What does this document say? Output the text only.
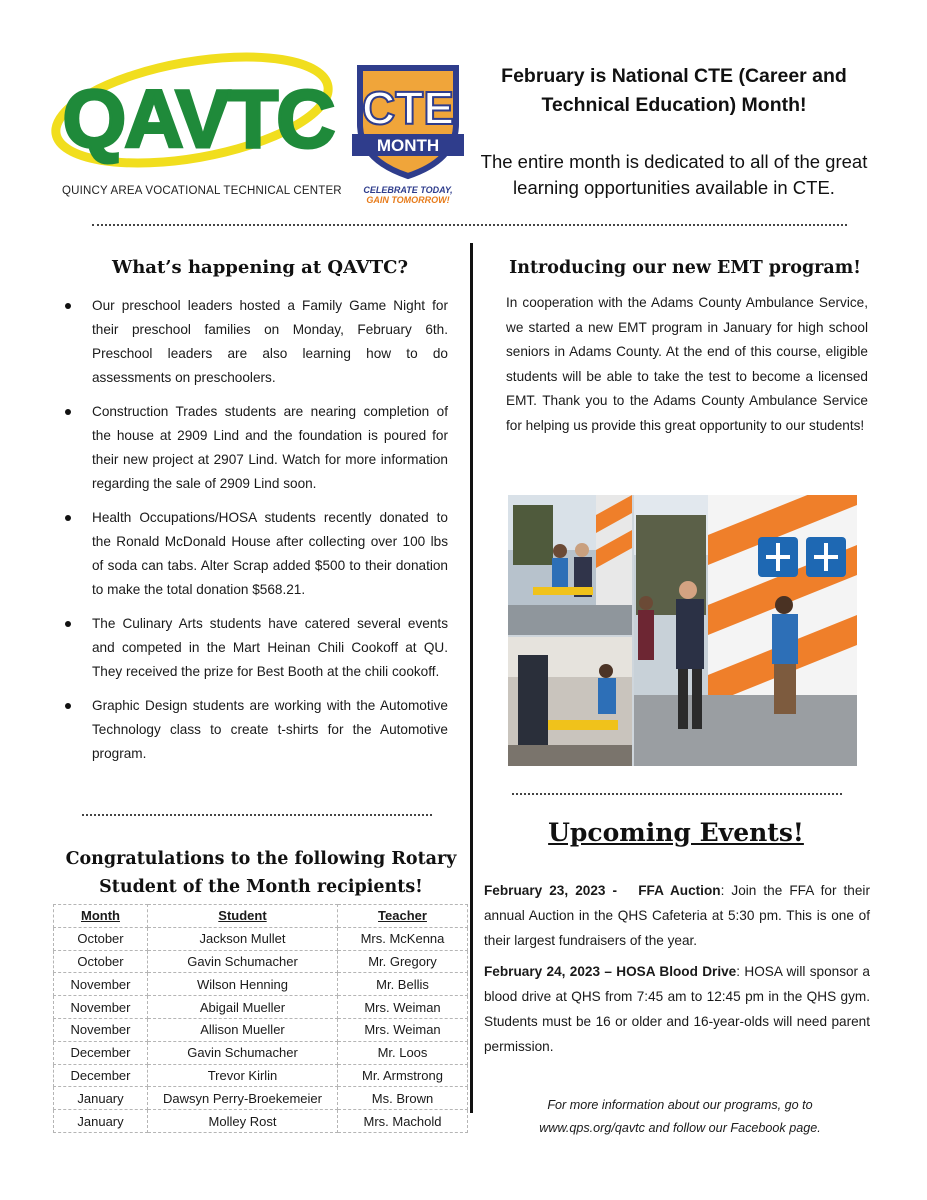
QAVTC
QUINCY AREA VOCATIONAL TECHNICAL CENTER
CTE
MONTH
CELEBRATE TODAY,
GAIN TOMORROW!
February is National CTE (Career and Technical Education) Month!
The entire month is dedicated to all of the great learning opportunities available in CTE.
What’s happening at QAVTC?
Our preschool leaders hosted a Family Game Night for their preschool families on Monday, February 6th. Preschool leaders are also learning how to do assessments on preschoolers.
Construction Trades students are nearing completion of the house at 2909 Lind and the foundation is poured for their new project at 2907 Lind. Watch for more information regarding the sale of 2909 Lind soon.
Health Occupations/HOSA students recently donated to the Ronald McDonald House after collecting over 100 lbs of soda can tabs. Alter Scrap added $500 to their donation to make the total donation $568.21.
The Culinary Arts students have catered several events and competed in the Mart Heinan Chili Cookoff at QU. They received the prize for Best Booth at the chili cookoff.
Graphic Design students are working with the Automotive Technology class to create t-shirts for the Automotive program.
Congratulations to the following Rotary Student of the Month recipients!
Month	Student	Teacher
October	Jackson Mullet	Mrs. McKenna
October	Gavin Schumacher	Mr. Gregory
November	Wilson Henning	Mr. Bellis
November	Abigail Mueller	Mrs. Weiman
November	Allison Mueller	Mrs. Weiman
December	Gavin Schumacher	Mr. Loos
December	Trevor Kirlin	Mr. Armstrong
January	Dawsyn Perry-Broekemeier	Ms. Brown
January	Molley Rost	Mrs. Machold
Introducing our new EMT program!
In cooperation with the Adams County Ambulance Service, we started a new EMT program in January for high school seniors in Adams County. At the end of this course, eligible students will be able to take the test to become a licensed EMT. Thank you to the Adams County Ambulance Service for helping us provide this great opportunity to our students!
Upcoming Events!
February 23, 2023 - FFA Auction: Join the FFA for their annual Auction in the QHS Cafeteria at 5:30 pm. This is one of their largest fundraisers of the year.
February 24, 2023 – HOSA Blood Drive: HOSA will sponsor a blood drive at QHS from 7:45 am to 12:45 pm in the QHS gym. Students must be 16 or older and 16-year-olds will need parent permission.
For more information about our programs, go to
www.qps.org/qavtc and follow our Facebook page.
